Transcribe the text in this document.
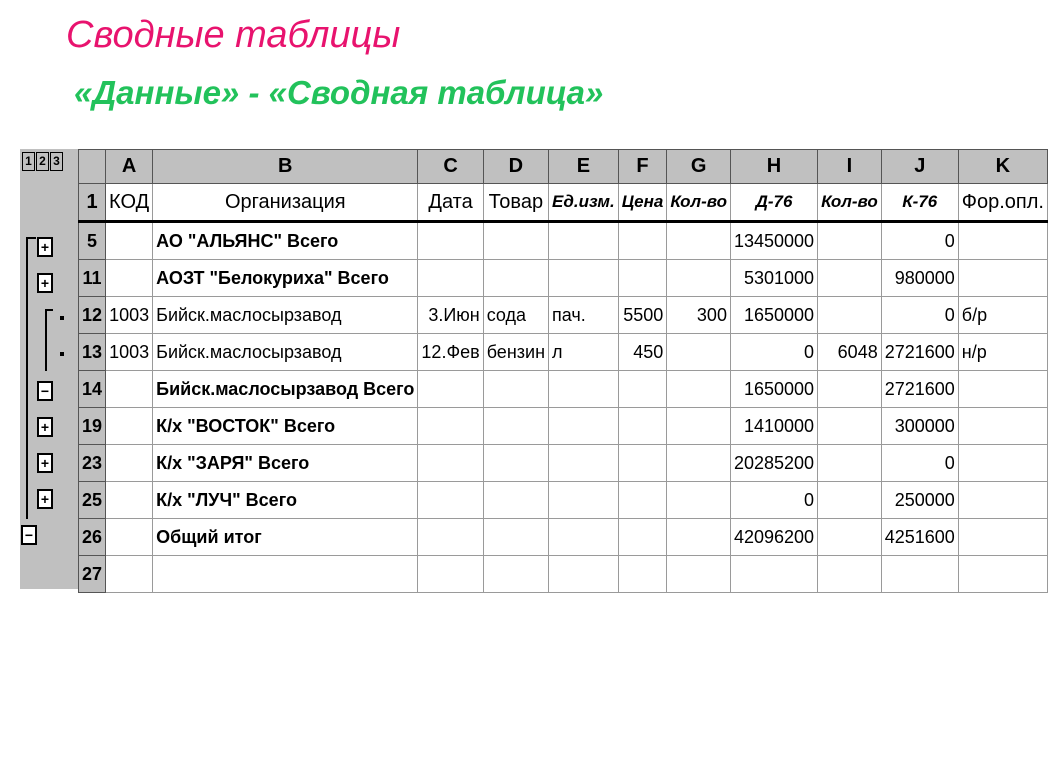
Сводные таблицы
«Данные» - «Сводная таблица»
1 2 3
+
+
−
+
+
+
−
	A	B	C	D	E	F	G	H	I	J	K
1	КОД	Организация	Дата	Товар	Ед.изм.	Цена	Кол-во	Д-76	Кол-во	К-76	Фор.опл.
5		АО "АЛЬЯНС" Всего						13450000		0	
11		АОЗТ "Белокуриха" Всего						5301000		980000	
12	1003	Бийск.маслосырзавод	3.Июн	сода	пач.	5500	300	1650000		0	б/р
13	1003	Бийск.маслосырзавод	12.Фев	бензин	л	450		0	6048	2721600	н/р
14		Бийск.маслосырзавод Всего						1650000		2721600	
19		К/х "ВОСТОК" Всего						1410000		300000	
23		К/х "ЗАРЯ" Всего						20285200		0	
25		К/х "ЛУЧ" Всего						0		250000	
26		Общий итог						42096200		4251600	
27											
